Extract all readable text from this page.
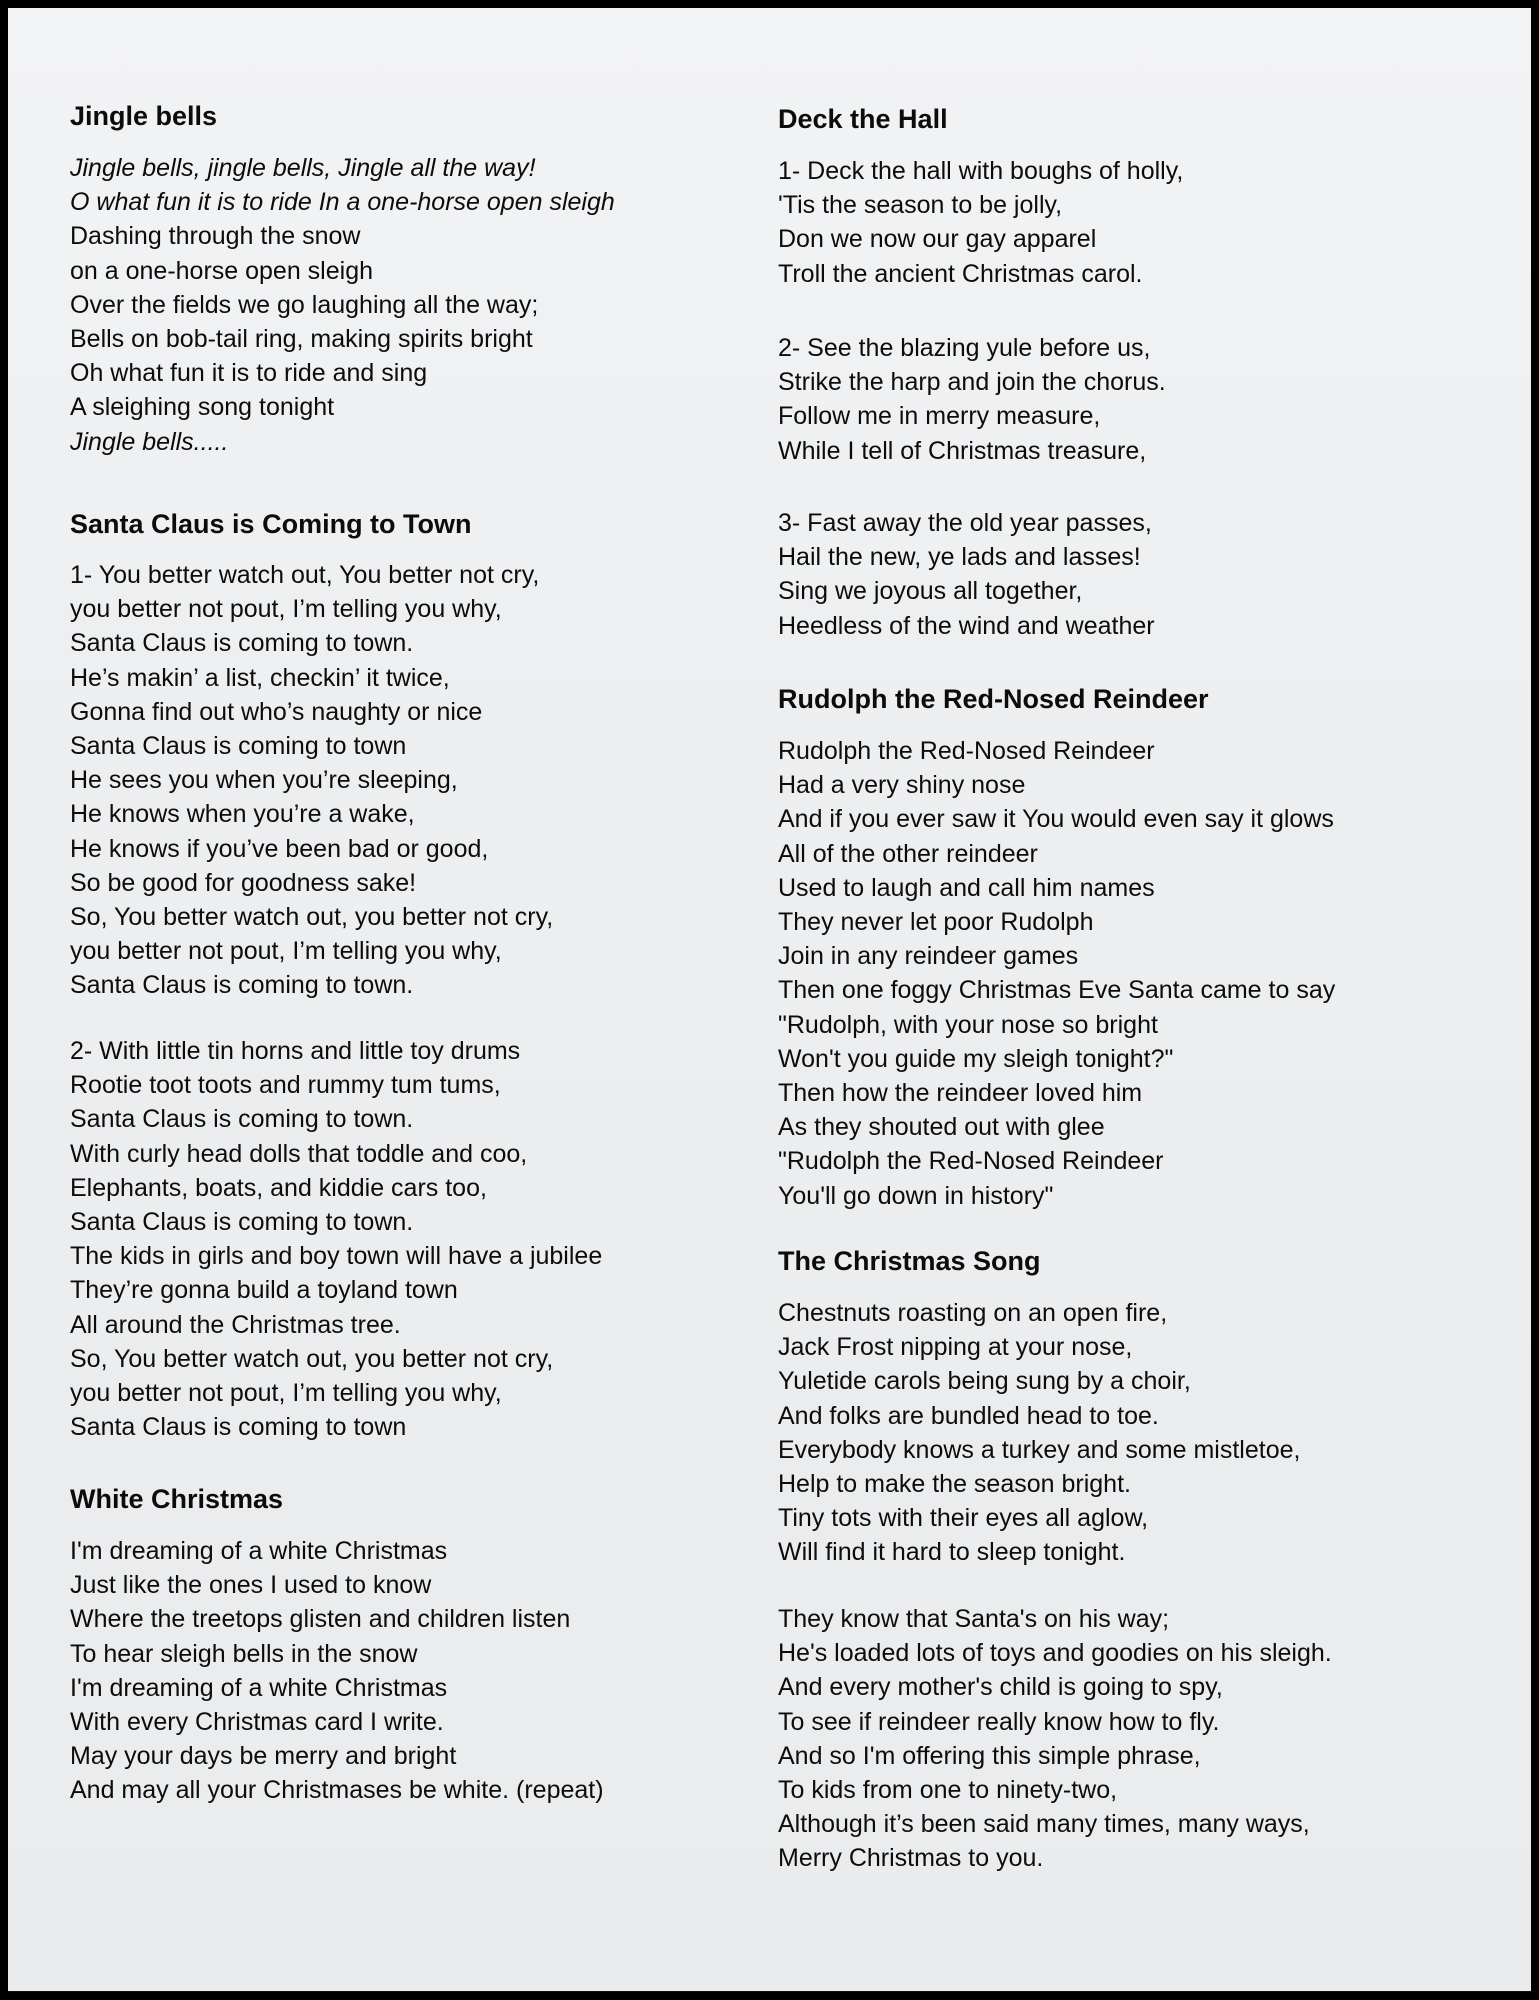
Jingle bells
Jingle bells, jingle bells, Jingle all the way!
O what fun it is to ride In a one-horse open sleigh
Dashing through the snow
on a one-horse open sleigh
Over the fields we go laughing all the way;
Bells on bob-tail ring, making spirits bright
Oh what fun it is to ride and sing
A sleighing song tonight
Jingle bells.....
Santa Claus is Coming to Town
1- You better watch out, You better not cry,
you better not pout, I’m telling you why,
Santa Claus is coming to town.
He’s makin’ a list, checkin’ it twice,
Gonna find out who’s naughty or nice
Santa Claus is coming to town
He sees you when you’re sleeping,
He knows when you’re a wake,
He knows if you’ve been bad or good,
So be good for goodness sake!
So, You better watch out, you better not cry,
you better not pout, I’m telling you why,
Santa Claus is coming to town.
2- With little tin horns and little toy drums
Rootie toot toots and rummy tum tums,
Santa Claus is coming to town.
With curly head dolls that toddle and coo,
Elephants, boats, and kiddie cars too,
Santa Claus is coming to town.
The kids in girls and boy town will have a jubilee
They’re gonna build a toyland town
All around the Christmas tree.
So, You better watch out, you better not cry,
you better not pout, I’m telling you why,
Santa Claus is coming to town
White Christmas
I'm dreaming of a white Christmas
Just like the ones I used to know
Where the treetops glisten and children listen
To hear sleigh bells in the snow
I'm dreaming of a white Christmas
With every Christmas card I write.
May your days be merry and bright
And may all your Christmases be white. (repeat)
Deck the Hall
1- Deck the hall with boughs of holly,
'Tis the season to be jolly,
Don we now our gay apparel
Troll the ancient Christmas carol.
2- See the blazing yule before us,
Strike the harp and join the chorus.
Follow me in merry measure,
While I tell of Christmas treasure,
3- Fast away the old year passes,
Hail the new, ye lads and lasses!
Sing we joyous all together,
Heedless of the wind and weather
Rudolph the Red-Nosed Reindeer
Rudolph the Red-Nosed Reindeer
Had a very shiny nose
And if you ever saw it You would even say it glows
All of the other reindeer
Used to laugh and call him names
They never let poor Rudolph
Join in any reindeer games
Then one foggy Christmas Eve Santa came to say
"Rudolph, with your nose so bright
Won't you guide my sleigh tonight?"
Then how the reindeer loved him
As they shouted out with glee
"Rudolph the Red-Nosed Reindeer
You'll go down in history"
The Christmas Song
Chestnuts roasting on an open fire,
Jack Frost nipping at your nose,
Yuletide carols being sung by a choir,
And folks are bundled head to toe.
Everybody knows a turkey and some mistletoe,
Help to make the season bright.
Tiny tots with their eyes all aglow,
Will find it hard to sleep tonight.
They know that Santa's on his way;
He's loaded lots of toys and goodies on his sleigh.
And every mother's child is going to spy,
To see if reindeer really know how to fly.
And so I'm offering this simple phrase,
To kids from one to ninety-two,
Although it’s been said many times, many ways,
Merry Christmas to you.
